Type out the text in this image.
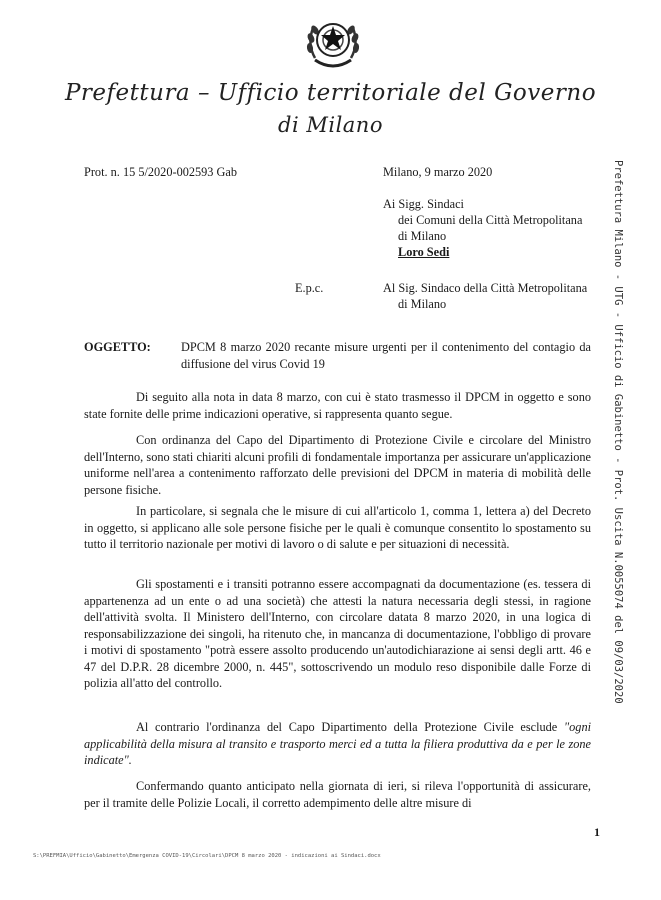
Prefettura – Ufficio territoriale del Governo
di Milano
Prot. n. 15 5/2020-002593 Gab	Milano, 9 marzo 2020
Ai Sigg. Sindaci
dei Comuni della Città Metropolitana
di Milano
Loro Sedi
E.p.c.	Al Sig. Sindaco della Città Metropolitana
di Milano
OGGETTO: DPCM 8 marzo 2020 recante misure urgenti per il contenimento del contagio da diffusione del virus Covid 19
Di seguito alla nota in data 8 marzo, con cui è stato trasmesso il DPCM in oggetto e sono state fornite delle prime indicazioni operative, si rappresenta quanto segue.
Con ordinanza del Capo del Dipartimento di Protezione Civile e circolare del Ministro dell'Interno, sono stati chiariti alcuni profili di fondamentale importanza per assicurare un'applicazione uniforme nell'area a contenimento rafforzato delle previsioni del DPCM in materia di mobilità delle persone fisiche.
In particolare, si segnala che le misure di cui all'articolo 1, comma 1, lettera a) del Decreto in oggetto, si applicano alle sole persone fisiche per le quali è comunque consentito lo spostamento su tutto il territorio nazionale per motivi di lavoro o di salute e per situazioni di necessità.
Gli spostamenti e i transiti potranno essere accompagnati da documentazione (es. tessera di appartenenza ad un ente o ad una società) che attesti la natura necessaria degli stessi, in ragione dell'attività svolta. Il Ministero dell'Interno, con circolare datata 8 marzo 2020, in una logica di responsabilizzazione dei singoli, ha ritenuto che, in mancanza di documentazione, l'obbligo di provare i motivi di spostamento "potrà essere assolto producendo un'autodichiarazione ai sensi degli artt. 46 e 47 del D.P.R. 28 dicembre 2000, n. 445", sottoscrivendo un modulo reso disponibile dalle Forze di polizia all'atto del controllo.
Al contrario l'ordinanza del Capo Dipartimento della Protezione Civile esclude "ogni applicabilità della misura al transito e trasporto merci ed a tutta la filiera produttiva da e per le zone indicate".
Confermando quanto anticipato nella giornata di ieri, si rileva l'opportunità di assicurare, per il tramite delle Polizie Locali, il corretto adempimento delle altre misure di
1
Prefettura Milano - UTG - Ufficio di Gabinetto - Prot. Uscita N.0055074 del 09/03/2020
S:\PREFMIA\Ufficio\Gabinetto\Emergenza COVID-19\Circolari\DPCM 8 marzo 2020 - indicazioni ai Sindaci.docx
